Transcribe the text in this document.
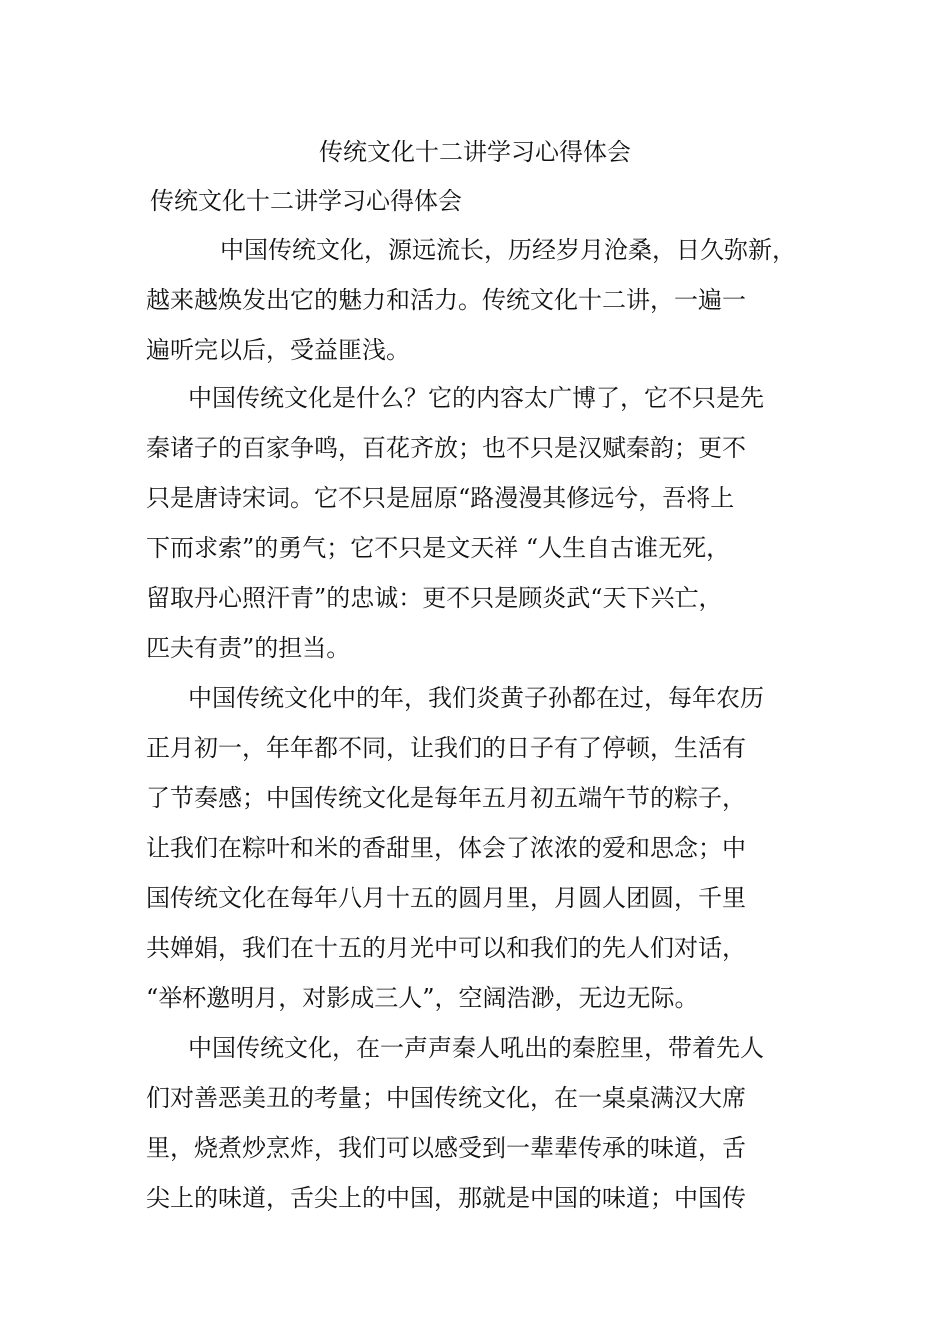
传统文化十二讲学习心得体会
传统文化十二讲学习心得体会

中国传统文化，源远流长，历经岁月沧桑，日久弥新，

越来越焕发出它的魅力和活力。传统文化十二讲，一遍一

遍听完以后，受益匪浅。

中国传统文化是什么？它的内容太广博了，它不只是先

秦诸子的百家争鸣，百花齐放；也不只是汉赋秦韵；更不

只是唐诗宋词。它不只是屈原“路漫漫其修远兮，吾将上

下而求索”的勇气；它不只是文天祥 “人生自古谁无死，

留取丹心照汗青”的忠诚：更不只是顾炎武“天下兴亡，

匹夫有责”的担当。

中国传统文化中的年，我们炎黄子孙都在过，每年农历

正月初一，年年都不同，让我们的日子有了停顿，生活有

了节奏感；中国传统文化是每年五月初五端午节的粽子，

让我们在粽叶和米的香甜里，体会了浓浓的爱和思念；中

国传统文化在每年八月十五的圆月里，月圆人团圆，千里

共婵娟，我们在十五的月光中可以和我们的先人们对话，

“举杯邀明月，对影成三人”，空阔浩渺，无边无际。

中国传统文化，在一声声秦人吼出的秦腔里，带着先人

们对善恶美丑的考量；中国传统文化，在一桌桌满汉大席

里，烧煮炒烹炸，我们可以感受到一辈辈传承的味道，舌

尖上的味道，舌尖上的中国，那就是中国的味道；中国传
